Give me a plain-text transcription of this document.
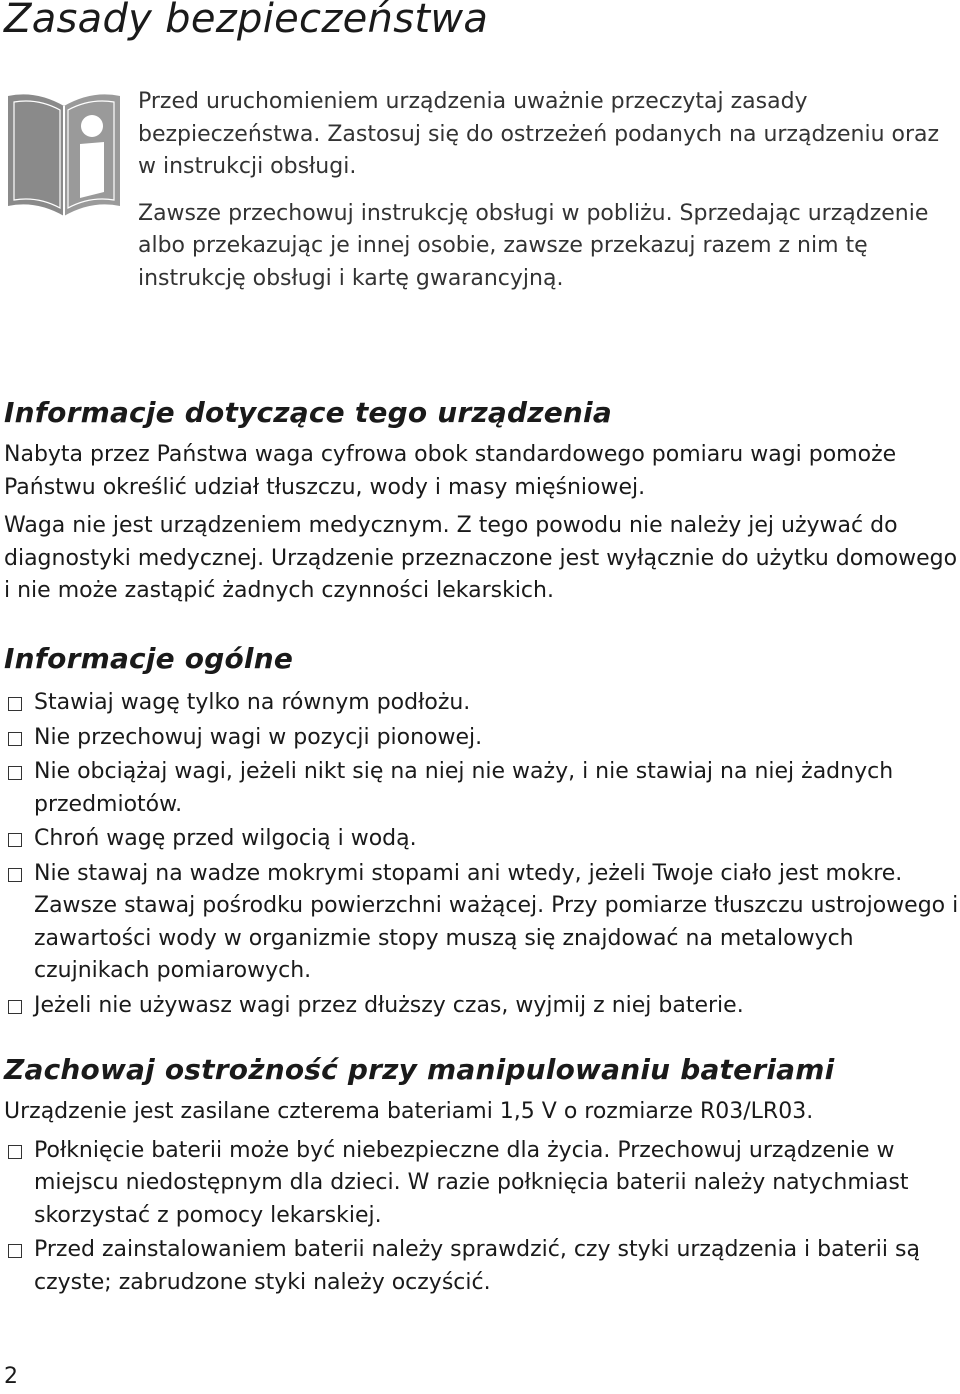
Zasady bezpieczeństwa

Przed uruchomieniem urządzenia uważnie przeczytaj zasady bezpieczeństwa. Zastosuj się do ostrzeżeń podanych na urządzeniu oraz w instrukcji obsługi.

Zawsze przechowuj instrukcję obsługi w pobliżu. Sprzedając urządzenie albo przekazując je innej osobie, zawsze przekazuj razem z nim tę instrukcję obsługi i kartę gwarancyjną.

Informacje dotyczące tego urządzenia

Nabyta przez Państwa waga cyfrowa obok standardowego pomiaru wagi pomoże Państwu określić udział tłuszczu, wody i masy mięśniowej.

Waga nie jest urządzeniem medycznym. Z tego powodu nie należy jej używać do diagnostyki medycznej. Urządzenie przeznaczone jest wyłącznie do użytku domowego i nie może zastąpić żadnych czynności lekarskich.

Informacje ogólne
Stawiaj wagę tylko na równym podłożu.
Nie przechowuj wagi w pozycji pionowej.
Nie obciążaj wagi, jeżeli nikt się na niej nie waży, i nie stawiaj na niej żadnych przedmiotów.
Chroń wagę przed wilgocią i wodą.
Nie stawaj na wadze mokrymi stopami ani wtedy, jeżeli Twoje ciało jest mokre. Zawsze stawaj pośrodku powierzchni ważącej. Przy pomiarze tłuszczu ustrojowego i zawartości wody w organizmie stopy muszą się znajdować na metalowych czujnikach pomiarowych.
Jeżeli nie używasz wagi przez dłuższy czas, wyjmij z niej baterie.
Zachowaj ostrożność przy manipulowaniu bateriami

Urządzenie jest zasilane czterema bateriami 1,5 V o rozmiarze R03/LR03.

Połknięcie baterii może być niebezpieczne dla życia. Przechowuj urządzenie w miejscu niedostępnym dla dzieci. W razie połknięcia baterii należy natychmiast skorzystać z pomocy lekarskiej.
Przed zainstalowaniem baterii należy sprawdzić, czy styki urządzenia i baterii są czyste; zabrudzone styki należy oczyścić.
2
